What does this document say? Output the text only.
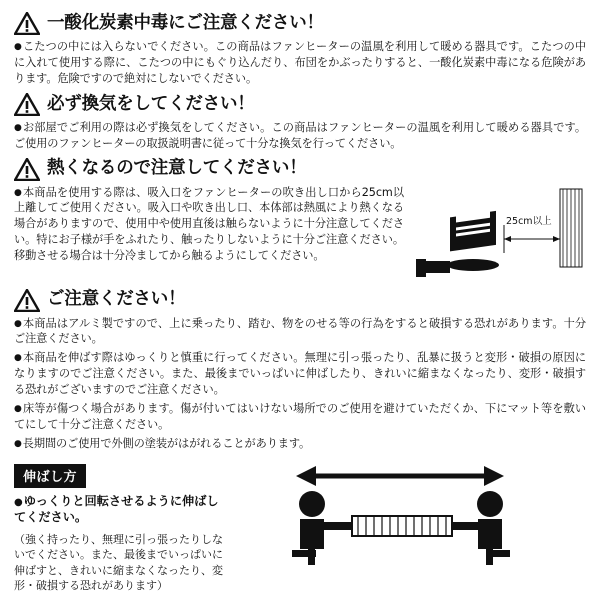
一酸化炭素中毒にご注意ください！
● こたつの中には入らないでください。この商品はファンヒーターの温風を利用して暖める器具です。こたつの中に入れて使用する際に、こたつの中にもぐり込んだり、布団をかぶったりすると、一酸化炭素中毒になる危険があります。危険ですので絶対にしないでください。
必ず換気をしてください！
● お部屋でご利用の際は必ず換気をしてください。この商品はファンヒーターの温風を利用して暖める器具です。ご使用のファンヒーターの取扱説明書に従って十分な換気を行ってください。
熱くなるので注意してください！
● 本商品を使用する際は、吸入口をファンヒーターの吹き出し口から25cm以上離してご使用ください。吸入口や吹き出し口、本体部は熱風により熱くなる場合がありますので、使用中や使用直後は触らないように十分注意してください。特にお子様が手をふれたり、触ったりしないように十分ご注意ください。移動させる場合は十分冷ましてから触るようにしてください。
25cm以上
ご注意ください！
● 本商品はアルミ製ですので、上に乗ったり、踏む、物をのせる等の行為をすると破損する恐れがあります。十分ご注意ください。
● 本商品を伸ばす際はゆっくりと慎重に行ってください。無理に引っ張ったり、乱暴に扱うと変形・破損の原因になりますのでご注意ください。また、最後までいっぱいに伸ばしたり、きれいに縮まなくなったり、変形・破損する恐れがございますのでご注意ください。
● 床等が傷つく場合があります。傷が付いてはいけない場所でのご使用を避けていただくか、下にマット等を敷いてにして十分ご注意ください。
● 長期間のご使用で外側の塗装がはがれることがあります。
伸ばし方
● ゆっくりと回転させるように伸ばしてください。
（強く持ったり、無理に引っ張ったりしないでください。また、最後までいっぱいに伸ばすと、きれいに縮まなくなったり、変形・破損する恐れがあります）
